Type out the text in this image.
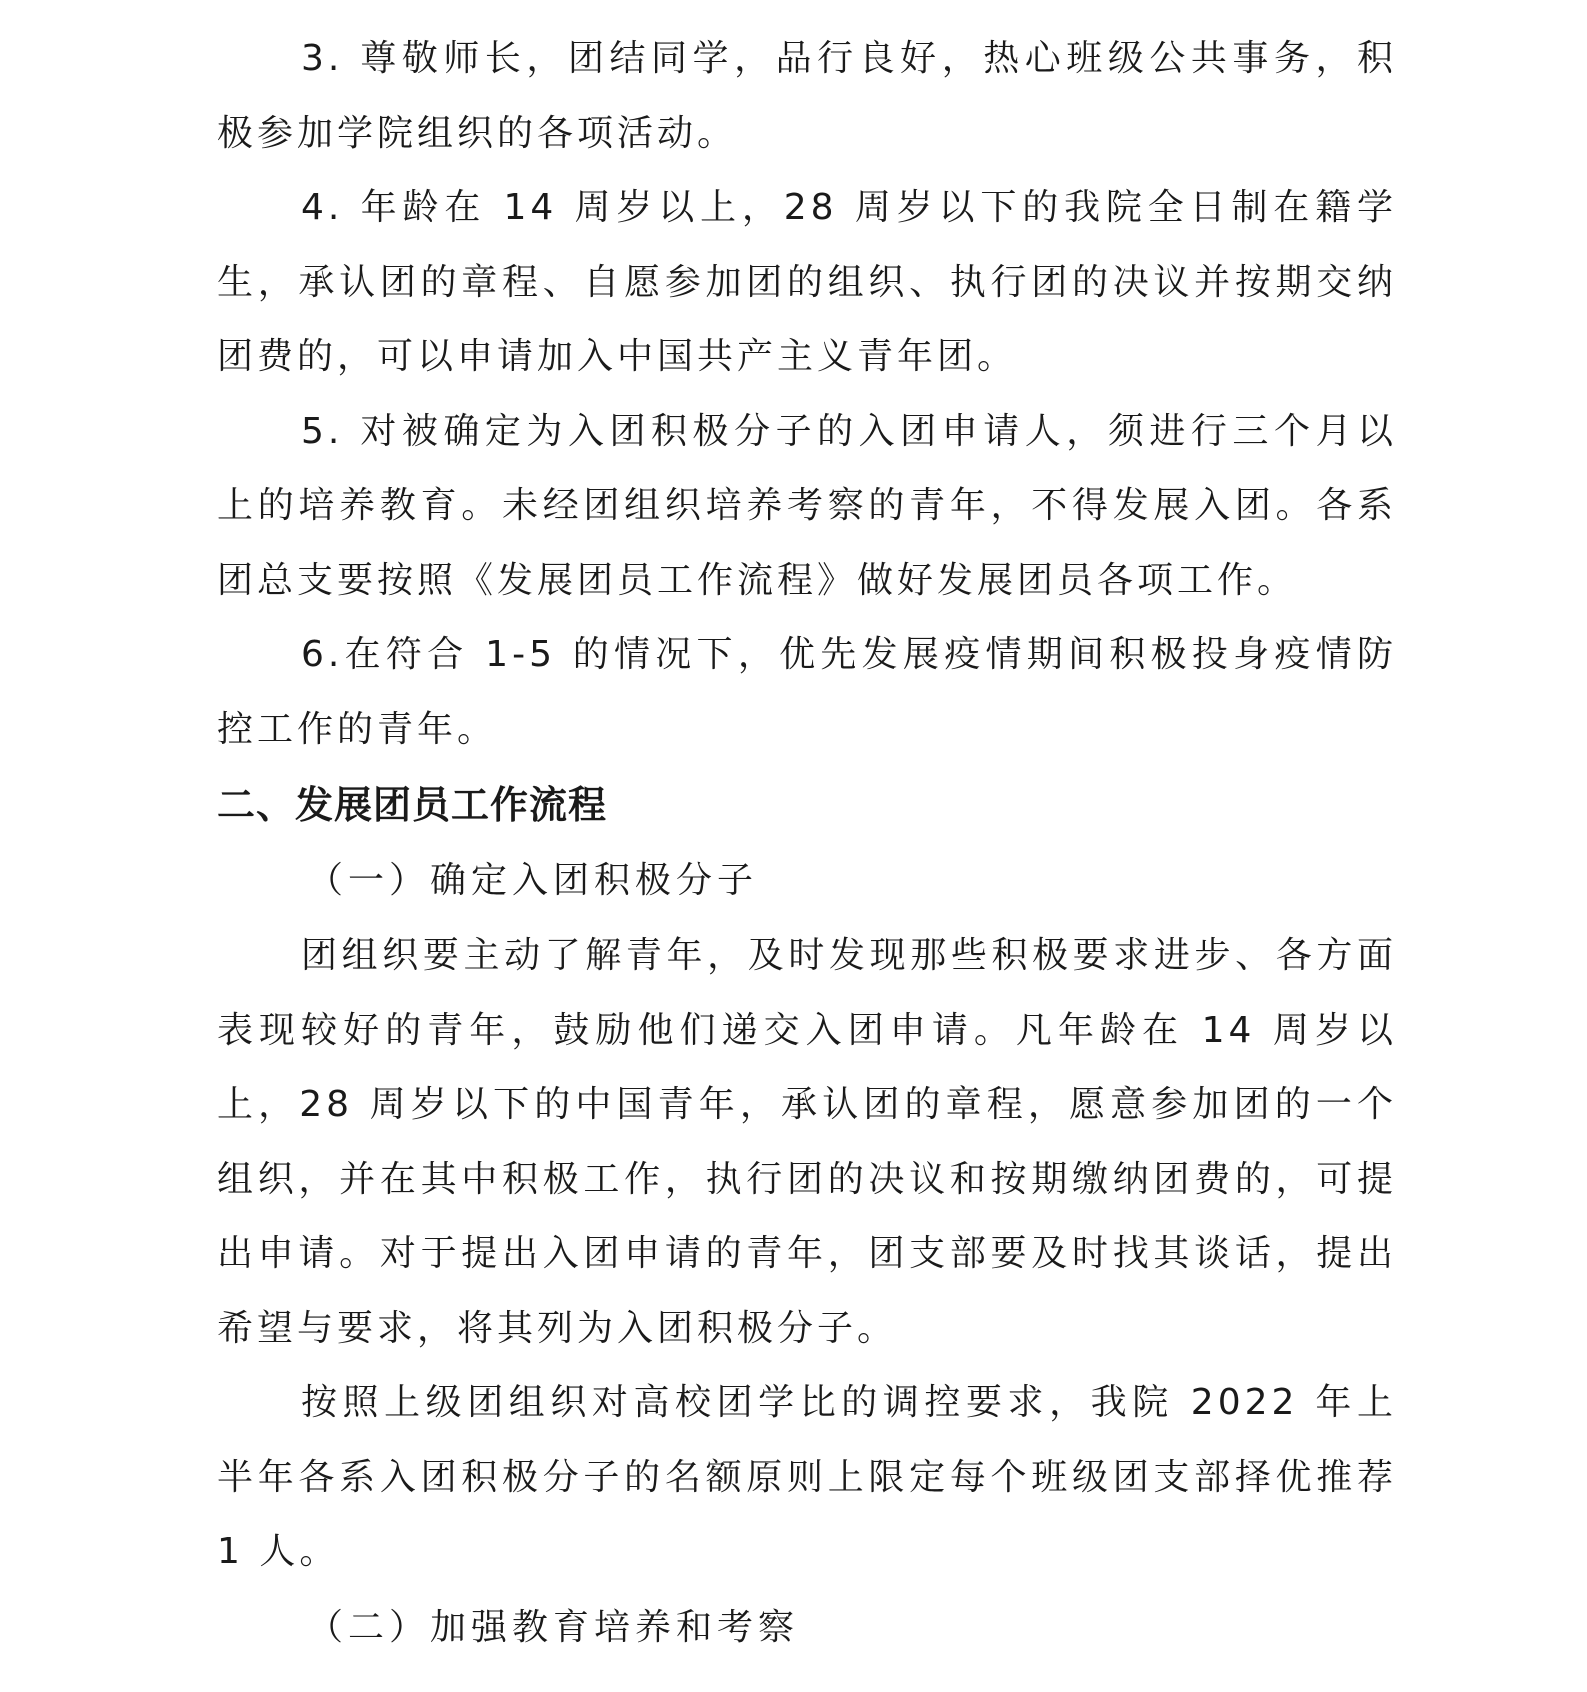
3. 尊敬师长，团结同学，品行良好，热心班级公共事务，积极参加学院组织的各项活动。

4. 年龄在 14 周岁以上，28 周岁以下的我院全日制在籍学生，承认团的章程、自愿参加团的组织、执行团的决议并按期交纳团费的，可以申请加入中国共产主义青年团。

5. 对被确定为入团积极分子的入团申请人，须进行三个月以上的培养教育。未经团组织培养考察的青年，不得发展入团。各系团总支要按照《发展团员工作流程》做好发展团员各项工作。

6.在符合 1-5 的情况下，优先发展疫情期间积极投身疫情防控工作的青年。

二、发展团员工作流程

（一）确定入团积极分子

团组织要主动了解青年，及时发现那些积极要求进步、各方面表现较好的青年，鼓励他们递交入团申请。凡年龄在 14 周岁以上，28 周岁以下的中国青年，承认团的章程，愿意参加团的一个组织，并在其中积极工作，执行团的决议和按期缴纳团费的，可提出申请。对于提出入团申请的青年，团支部要及时找其谈话，提出希望与要求，将其列为入团积极分子。

按照上级团组织对高校团学比的调控要求，我院 2022 年上半年各系入团积极分子的名额原则上限定每个班级团支部择优推荐 1 人。

（二）加强教育培养和考察
